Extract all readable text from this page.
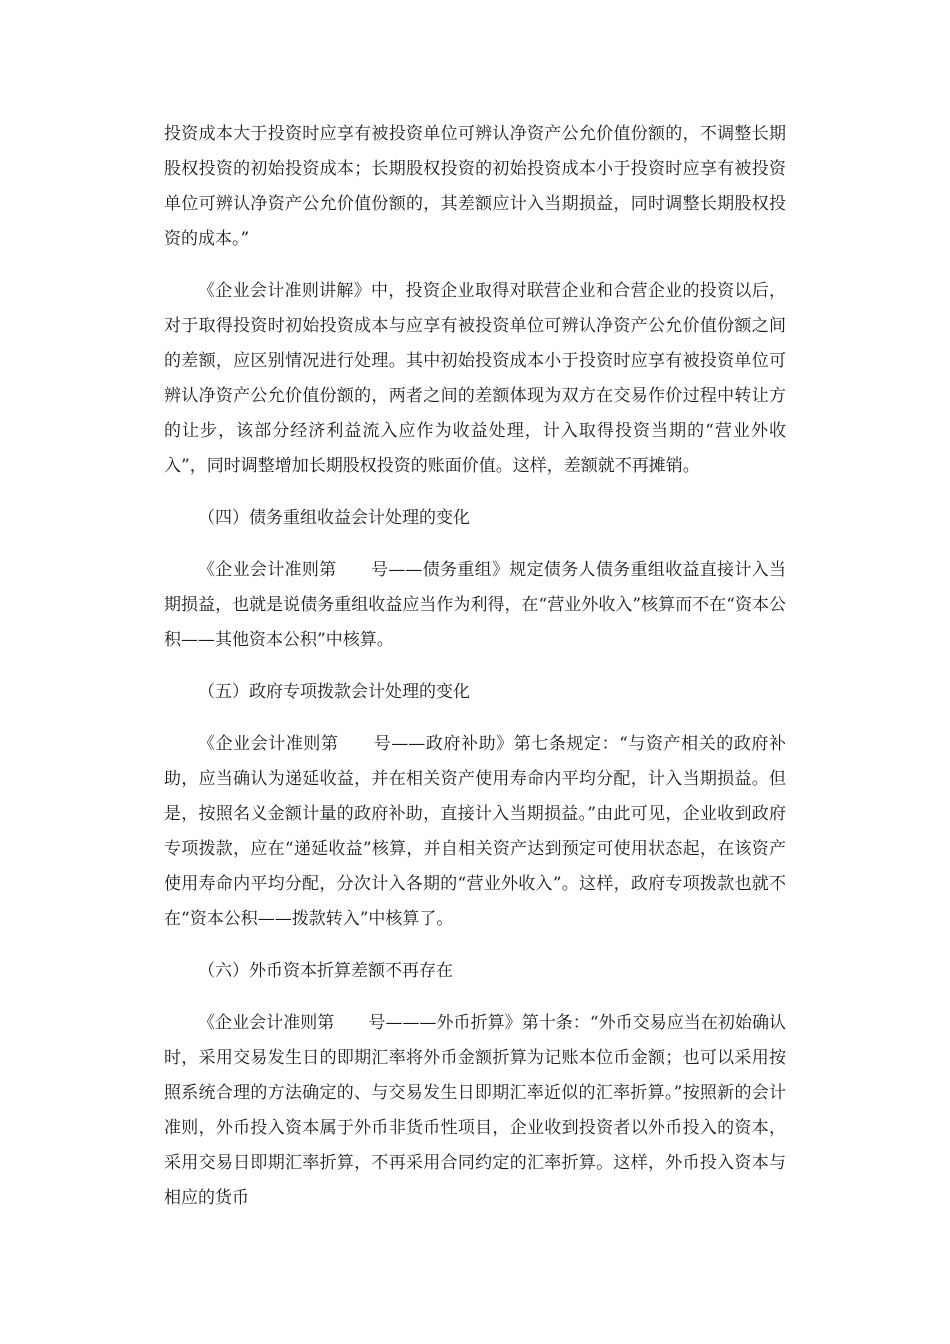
投资成本大于投资时应享有被投资单位可辨认净资产公允价值份额的，不调整长期股权投资的初始投资成本；长期股权投资的初始投资成本小于投资时应享有被投资单位可辨认净资产公允价值份额的，其差额应计入当期损益，同时调整长期股权投资的成本。”

《企业会计准则讲解》中，投资企业取得对联营企业和合营企业的投资以后，对于取得投资时初始投资成本与应享有被投资单位可辨认净资产公允价值份额之间的差额，应区别情况进行处理。其中初始投资成本小于投资时应享有被投资单位可辨认净资产公允价值份额的，两者之间的差额体现为双方在交易作价过程中转让方的让步，该部分经济利益流入应作为收益处理，计入取得投资当期的“营业外收入”，同时调整增加长期股权投资的账面价值。这样，差额就不再摊销。

（四）债务重组收益会计处理的变化

《企业会计准则第　　号——债务重组》规定债务人债务重组收益直接计入当期损益，也就是说债务重组收益应当作为利得，在“营业外收入”核算而不在“资本公积——其他资本公积”中核算。

（五）政府专项拨款会计处理的变化

《企业会计准则第　　号——政府补助》第七条规定：“与资产相关的政府补助，应当确认为递延收益，并在相关资产使用寿命内平均分配，计入当期损益。但是，按照名义金额计量的政府补助，直接计入当期损益。”由此可见，企业收到政府专项拨款，应在“递延收益”核算，并自相关资产达到预定可使用状态起，在该资产使用寿命内平均分配，分次计入各期的“营业外收入”。这样，政府专项拨款也就不在“资本公积——拨款转入”中核算了。

（六）外币资本折算差额不再存在

《企业会计准则第　　号———外币折算》第十条：“外币交易应当在初始确认时，采用交易发生日的即期汇率将外币金额折算为记账本位币金额；也可以采用按照系统合理的方法确定的、与交易发生日即期汇率近似的汇率折算。”按照新的会计准则，外币投入资本属于外币非货币性项目，企业收到投资者以外币投入的资本，采用交易日即期汇率折算，不再采用合同约定的汇率折算。这样，外币投入资本与相应的货币
